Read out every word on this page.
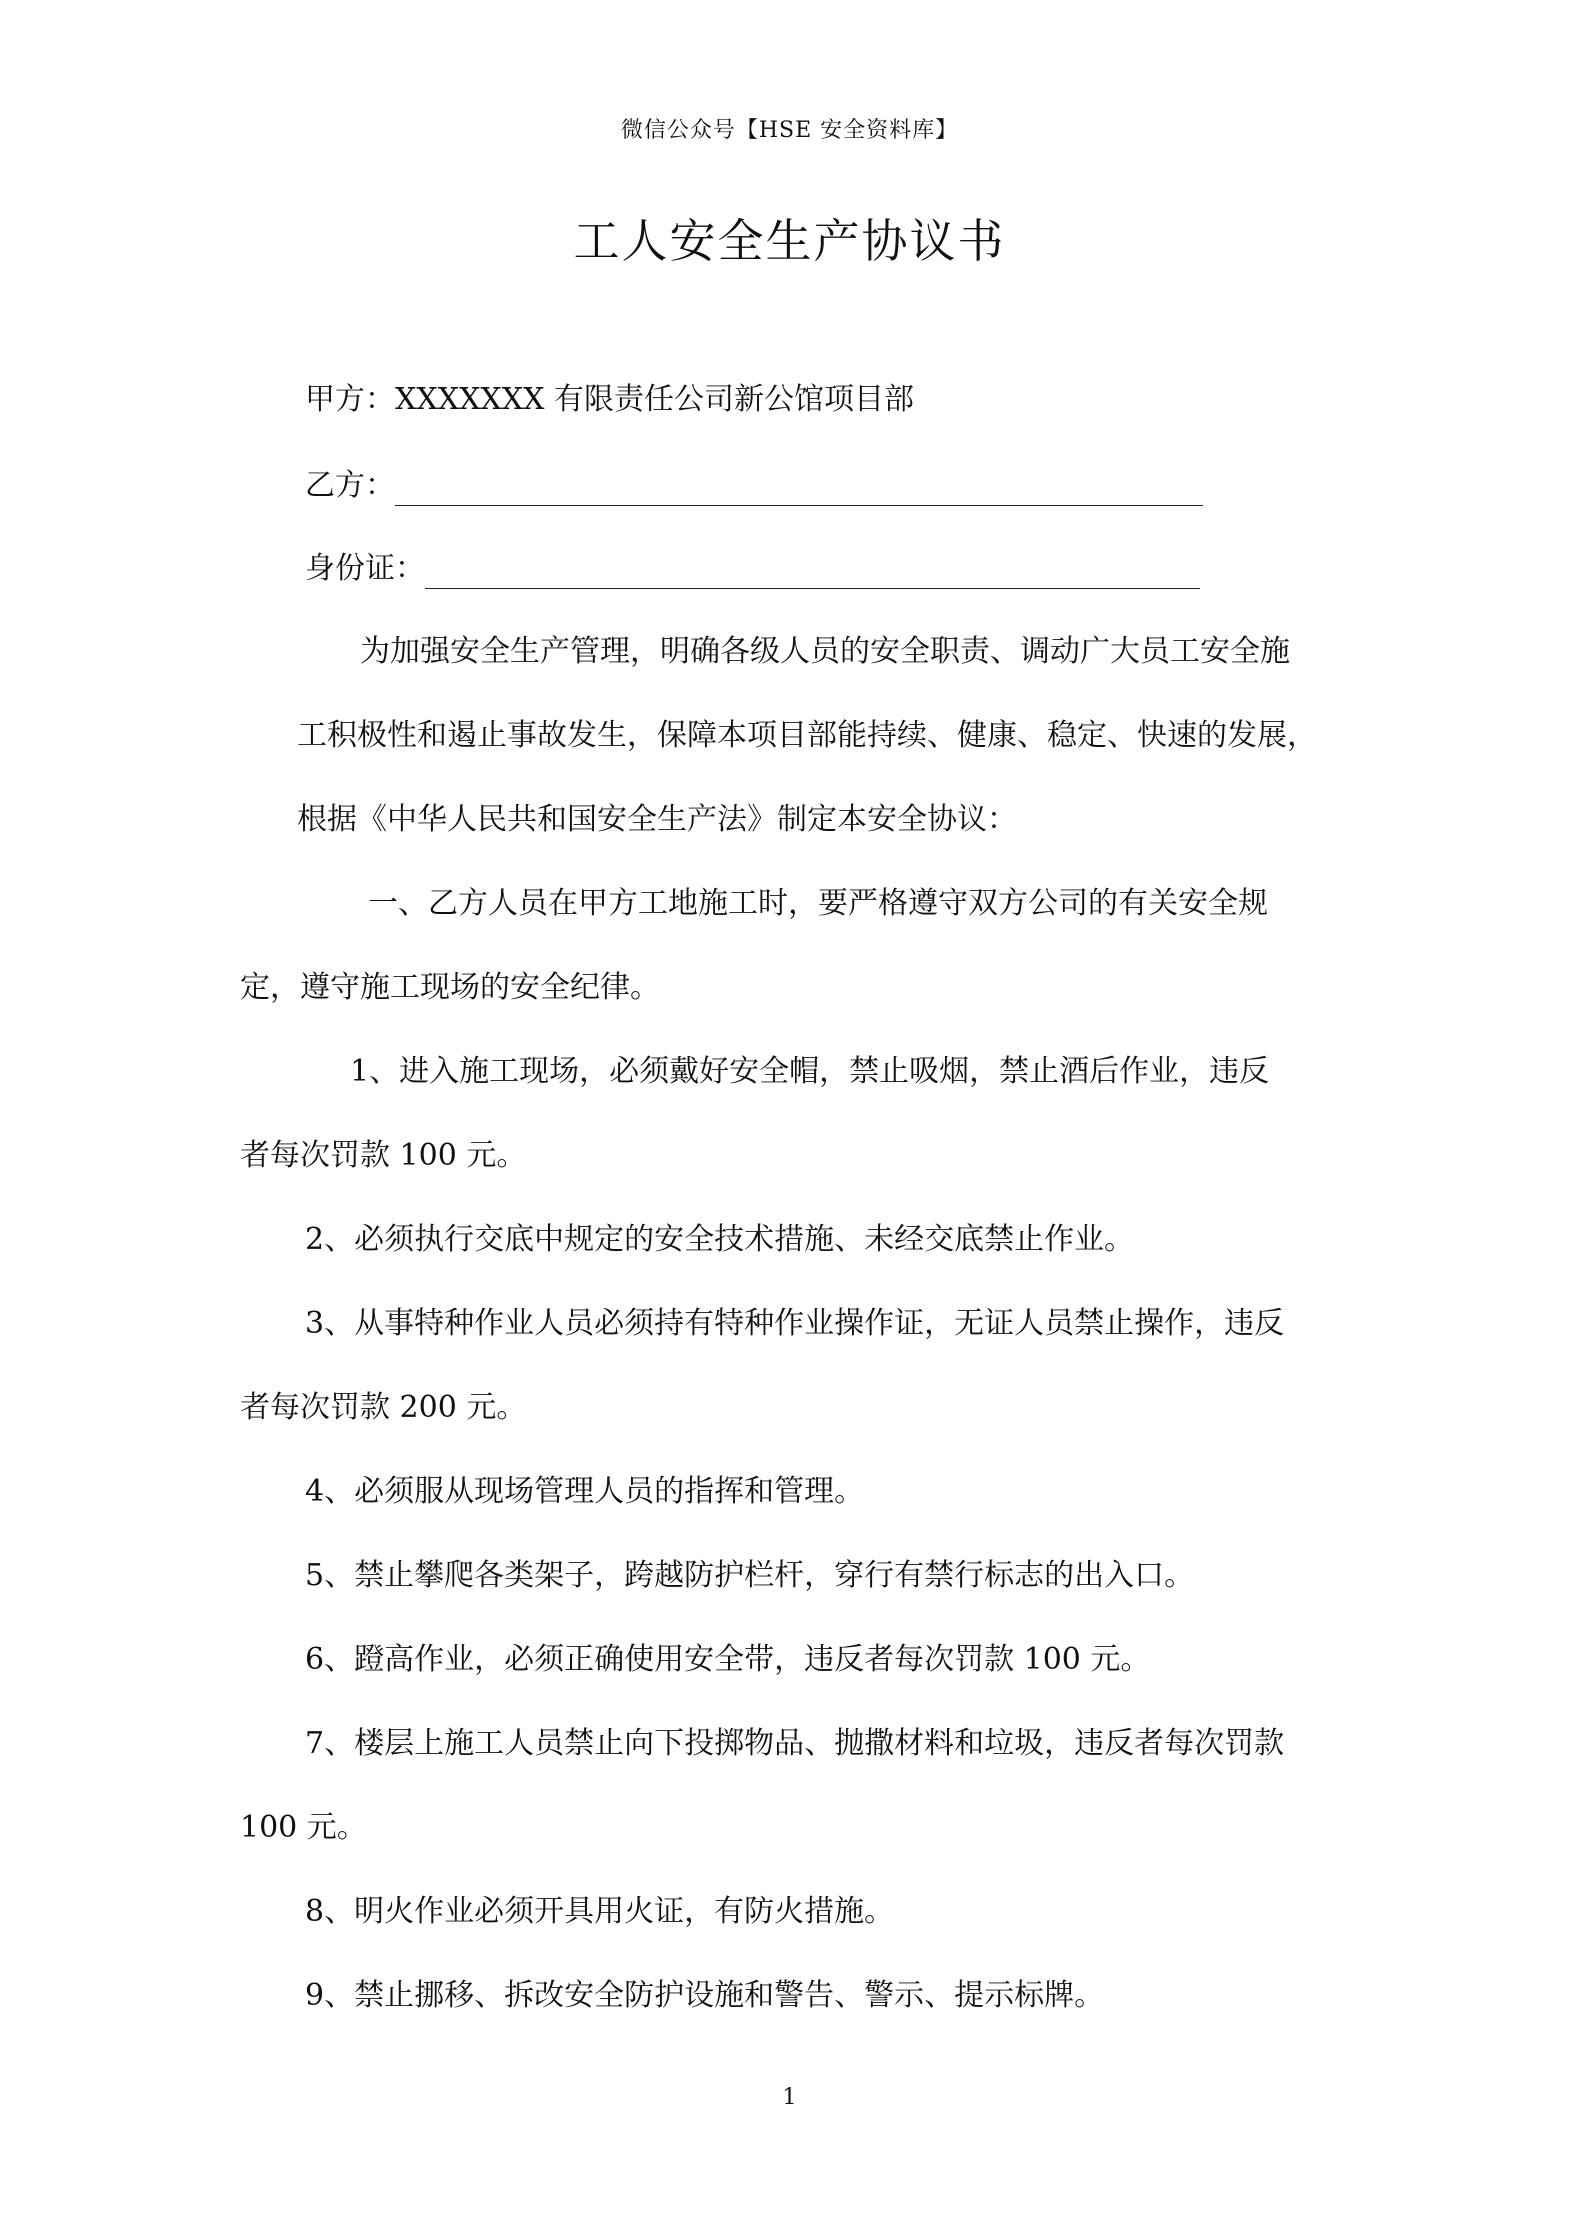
微信公众号【HSE 安全资料库】
工人安全生产协议书
甲方：XXXXXXX 有限责任公司新公馆项目部
乙方：
身份证：
为加强安全生产管理，明确各级人员的安全职责、调动广大员工安全施
工积极性和遏止事故发生，保障本项目部能持续、健康、稳定、快速的发展，
根据《中华人民共和国安全生产法》制定本安全协议：
一、乙方人员在甲方工地施工时，要严格遵守双方公司的有关安全规
定，遵守施工现场的安全纪律。
1、进入施工现场，必须戴好安全帽，禁止吸烟，禁止酒后作业，违反
者每次罚款 100 元。
2、必须执行交底中规定的安全技术措施、未经交底禁止作业。
3、从事特种作业人员必须持有特种作业操作证，无证人员禁止操作，违反
者每次罚款 200 元。
4、必须服从现场管理人员的指挥和管理。
5、禁止攀爬各类架子，跨越防护栏杆，穿行有禁行标志的出入口。
6、蹬高作业，必须正确使用安全带，违反者每次罚款 100 元。
7、楼层上施工人员禁止向下投掷物品、抛撒材料和垃圾，违反者每次罚款
100 元。
8、明火作业必须开具用火证，有防火措施。
9、禁止挪移、拆改安全防护设施和警告、警示、提示标牌。
1
